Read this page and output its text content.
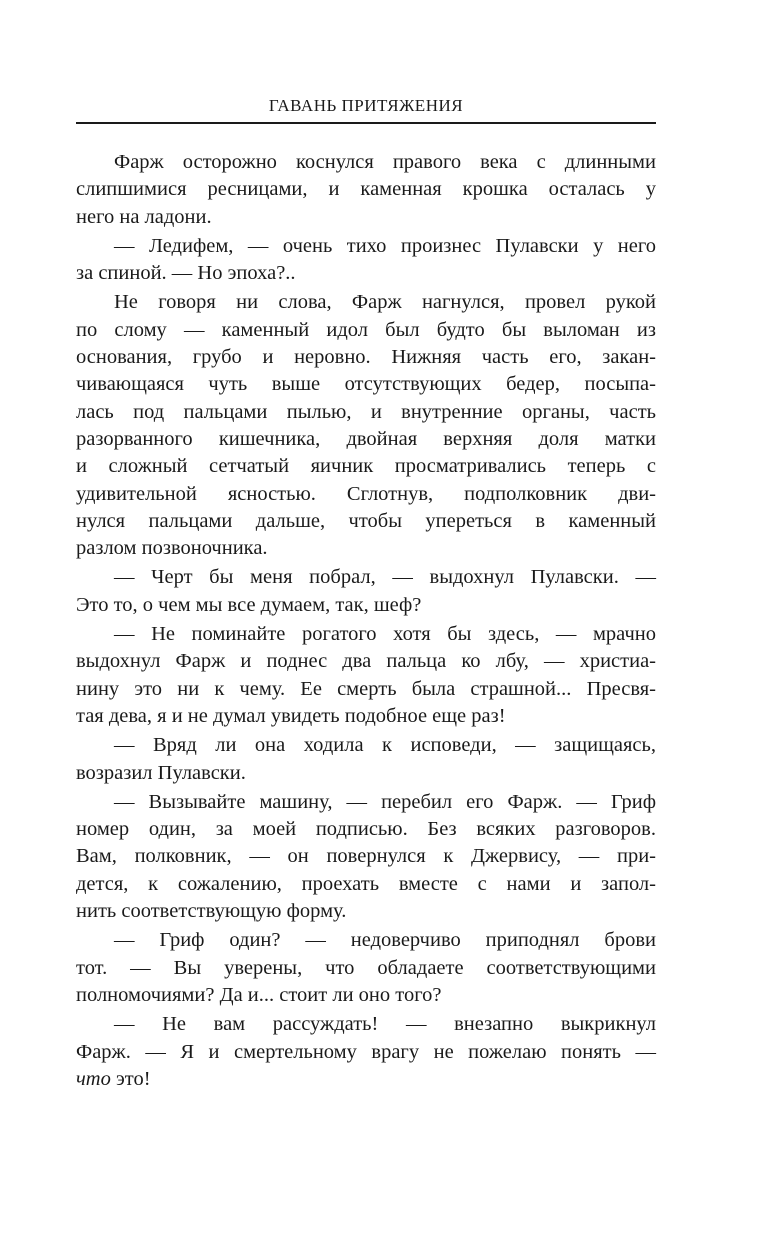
ГАВАНЬ ПРИТЯЖЕНИЯ
Фарж осторожно коснулся правого века с длинными
слипшимися ресницами, и каменная крошка осталась у
него на ладони.
— Ледифем, — очень тихо произнес Пулавски у него
за спиной. — Но эпоха?..
Не говоря ни слова, Фарж нагнулся, провел рукой
по слому — каменный идол был будто бы выломан из
основания, грубо и неровно. Нижняя часть его, закан-
чивающаяся чуть выше отсутствующих бедер, посыпа-
лась под пальцами пылью, и внутренние органы, часть
разорванного кишечника, двойная верхняя доля матки
и сложный сетчатый яичник просматривались теперь с
удивительной ясностью. Сглотнув, подполковник дви-
нулся пальцами дальше, чтобы упереться в каменный
разлом позвоночника.
— Черт бы меня побрал, — выдохнул Пулавски. —
Это то, о чем мы все думаем, так, шеф?
— Не поминайте рогатого хотя бы здесь, — мрачно
выдохнул Фарж и поднес два пальца ко лбу, — христиа-
нину это ни к чему. Ее смерть была страшной... Пресвя-
тая дева, я и не думал увидеть подобное еще раз!
— Вряд ли она ходила к исповеди, — защищаясь,
возразил Пулавски.
— Вызывайте машину, — перебил его Фарж. — Гриф
номер один, за моей подписью. Без всяких разговоров.
Вам, полковник, — он повернулся к Джервису, — при-
дется, к сожалению, проехать вместе с нами и запол-
нить соответствующую форму.
— Гриф один? — недоверчиво приподнял брови
тот. — Вы уверены, что обладаете соответствующими
полномочиями? Да и... стоит ли оно того?
— Не вам рассуждать! — внезапно выкрикнул
Фарж. — Я и смертельному врагу не пожелаю понять —
что это!
